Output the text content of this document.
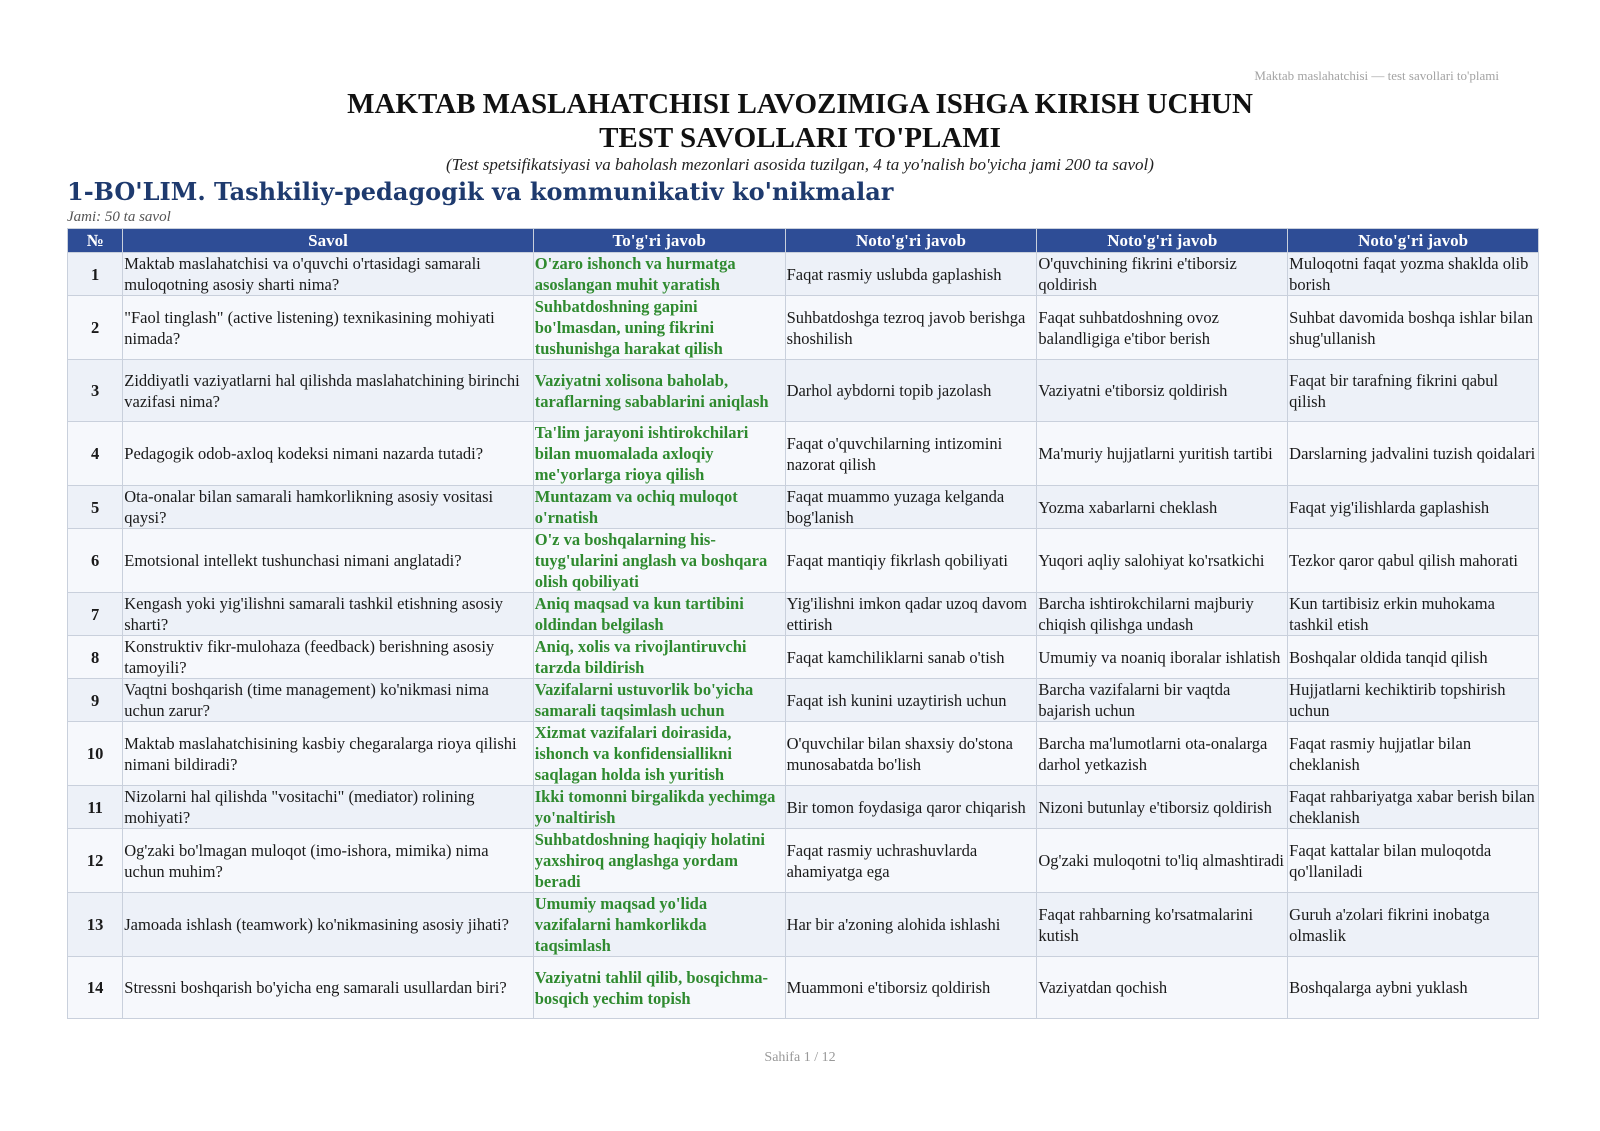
Maktab maslahatchisi — test savollari to'plami
MAKTAB MASLAHATCHISI LAVOZIMIGA ISHGA KIRISH UCHUN
TEST SAVOLLARI TO'PLAMI
(Test spetsifikatsiyasi va baholash mezonlari asosida tuzilgan, 4 ta yo'nalish bo'yicha jami 200 ta savol)
1-BO'LIM. Tashkiliy-pedagogik va kommunikativ ko'nikmalar
Jami: 50 ta savol
№	Savol	To'g'ri javob	Noto'g'ri javob	Noto'g'ri javob	Noto'g'ri javob
1	Maktab maslahatchisi va o'quvchi o'rtasidagi samarali muloqotning asosiy sharti nima?	O'zaro ishonch va hurmatga asoslangan muhit yaratish	Faqat rasmiy uslubda gaplashish	O'quvchining fikrini e'tiborsiz qoldirish	Muloqotni faqat yozma shaklda olib borish
2	"Faol tinglash" (active listening) texnikasining mohiyati nimada?	Suhbatdoshning gapini bo'lmasdan, uning fikrini tushunishga harakat qilish	Suhbatdoshga tezroq javob berishga shoshilish	Faqat suhbatdoshning ovoz balandligiga e'tibor berish	Suhbat davomida boshqa ishlar bilan shug'ullanish
3	Ziddiyatli vaziyatlarni hal qilishda maslahatchining birinchi vazifasi nima?	Vaziyatni xolisona baholab, taraflarning sabablarini aniqlash	Darhol aybdorni topib jazolash	Vaziyatni e'tiborsiz qoldirish	Faqat bir tarafning fikrini qabul qilish
4	Pedagogik odob-axloq kodeksi nimani nazarda tutadi?	Ta'lim jarayoni ishtirokchilari bilan muomalada axloqiy me'yorlarga rioya qilish	Faqat o'quvchilarning intizomini nazorat qilish	Ma'muriy hujjatlarni yuritish tartibi	Darslarning jadvalini tuzish qoidalari
5	Ota-onalar bilan samarali hamkorlikning asosiy vositasi qaysi?	Muntazam va ochiq muloqot o'rnatish	Faqat muammo yuzaga kelganda bog'lanish	Yozma xabarlarni cheklash	Faqat yig'ilishlarda gaplashish
6	Emotsional intellekt tushunchasi nimani anglatadi?	O'z va boshqalarning his-tuyg'ularini anglash va boshqara olish qobiliyati	Faqat mantiqiy fikrlash qobiliyati	Yuqori aqliy salohiyat ko'rsatkichi	Tezkor qaror qabul qilish mahorati
7	Kengash yoki yig'ilishni samarali tashkil etishning asosiy sharti?	Aniq maqsad va kun tartibini oldindan belgilash	Yig'ilishni imkon qadar uzoq davom ettirish	Barcha ishtirokchilarni majburiy chiqish qilishga undash	Kun tartibisiz erkin muhokama tashkil etish
8	Konstruktiv fikr-mulohaza (feedback) berishning asosiy tamoyili?	Aniq, xolis va rivojlantiruvchi tarzda bildirish	Faqat kamchiliklarni sanab o'tish	Umumiy va noaniq iboralar ishlatish	Boshqalar oldida tanqid qilish
9	Vaqtni boshqarish (time management) ko'nikmasi nima uchun zarur?	Vazifalarni ustuvorlik bo'yicha samarali taqsimlash uchun	Faqat ish kunini uzaytirish uchun	Barcha vazifalarni bir vaqtda bajarish uchun	Hujjatlarni kechiktirib topshirish uchun
10	Maktab maslahatchisining kasbiy chegaralarga rioya qilishi nimani bildiradi?	Xizmat vazifalari doirasida, ishonch va konfidensiallikni saqlagan holda ish yuritish	O'quvchilar bilan shaxsiy do'stona munosabatda bo'lish	Barcha ma'lumotlarni ota-onalarga darhol yetkazish	Faqat rasmiy hujjatlar bilan cheklanish
11	Nizolarni hal qilishda "vositachi" (mediator) rolining mohiyati?	Ikki tomonni birgalikda yechimga yo'naltirish	Bir tomon foydasiga qaror chiqarish	Nizoni butunlay e'tiborsiz qoldirish	Faqat rahbariyatga xabar berish bilan cheklanish
12	Og'zaki bo'lmagan muloqot (imo-ishora, mimika) nima uchun muhim?	Suhbatdoshning haqiqiy holatini yaxshiroq anglashga yordam beradi	Faqat rasmiy uchrashuvlarda ahamiyatga ega	Og'zaki muloqotni to'liq almashtiradi	Faqat kattalar bilan muloqotda qo'llaniladi
13	Jamoada ishlash (teamwork) ko'nikmasining asosiy jihati?	Umumiy maqsad yo'lida vazifalarni hamkorlikda taqsimlash	Har bir a'zoning alohida ishlashi	Faqat rahbarning ko'rsatmalarini kutish	Guruh a'zolari fikrini inobatga olmaslik
14	Stressni boshqarish bo'yicha eng samarali usullardan biri?	Vaziyatni tahlil qilib, bosqichma-bosqich yechim topish	Muammoni e'tiborsiz qoldirish	Vaziyatdan qochish	Boshqalarga aybni yuklash
Sahifa 1 / 12
